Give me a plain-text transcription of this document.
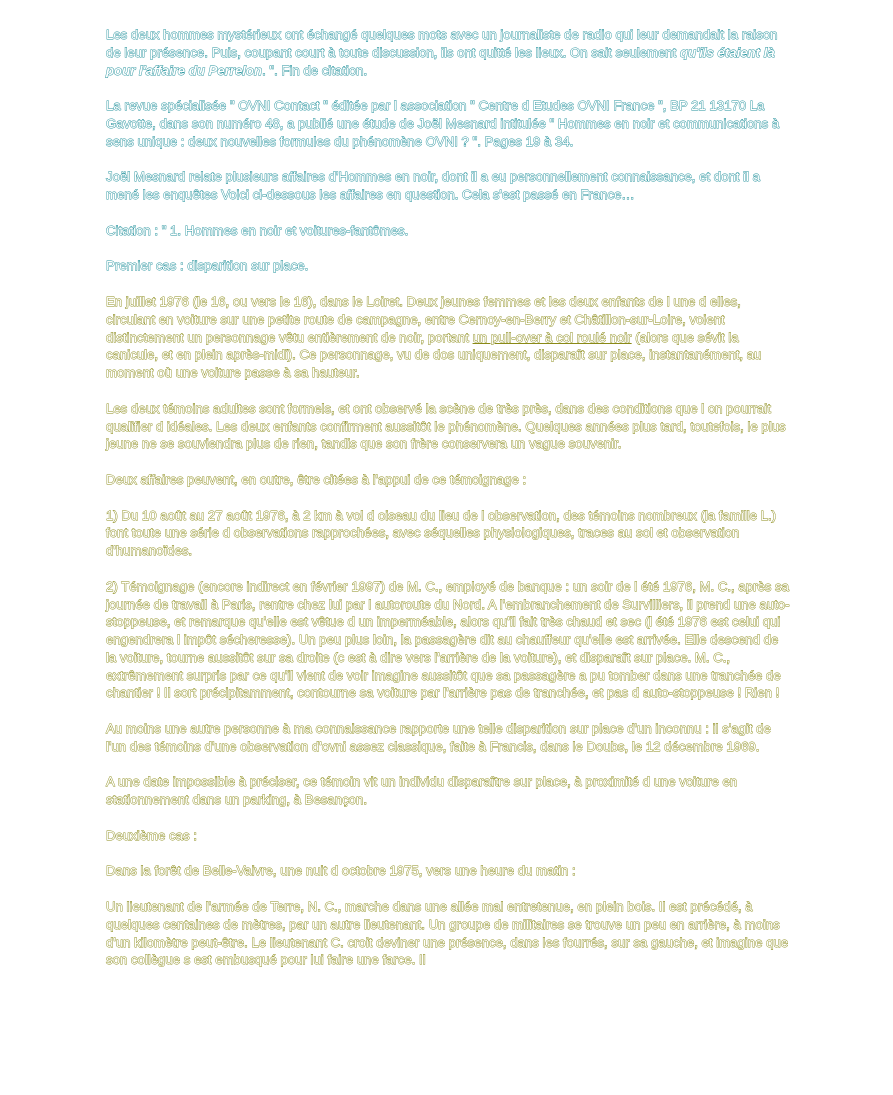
Les deux hommes mystérieux ont échangé quelques mots avec un journaliste de radio qui leur demandait la raison de leur présence. Puis, coupant court à toute discussion, ils ont quitté les lieux. On sait seulement qu'ils étaient là pour l'affaire du Perrelon. ". Fin de citation.

La revue spécialisée " OVNI Contact " éditée par l association " Centre d Etudes OVNI France ", BP 21 13170 La Gavotte, dans son numéro 48, a publié une étude de Joël Mesnard intitulée " Hommes en noir et communications à sens unique : deux nouvelles formules du phénomène OVNI ? ". Pages 19 à 34.

Joël Mesnard relate plusieurs affaires d'Hommes en noir, dont il a eu personnellement connaissance, et dont il a mené les enquêtes Voici ci-dessous les affaires en question. Cela s'est passé en France…

Citation : " 1. Hommes en noir et voitures-fantômes.

Premier cas : disparition sur place.

En juillet 1976 (le 16, ou vers le 16), dans le Loiret. Deux jeunes femmes et les deux enfants de l une d elles, circulant en voiture sur une petite route de campagne, entre Cernoy-en-Berry et Châtillon-sur-Loire, voient distinctement un personnage vêtu entièrement de noir, portant un pull-over à col roulé noir (alors que sévit la canicule, et en plein après-midi). Ce personnage, vu de dos uniquement, disparaît sur place, instantanément, au moment où une voiture passe à sa hauteur.

Les deux témoins adultes sont formels, et ont observé la scène de très près, dans des conditions que l on pourrait qualifier d idéales. Les deux enfants confirment aussitôt le phénomène. Quelques années plus tard, toutefois, le plus jeune ne se souviendra plus de rien, tandis que son frère conservera un vague souvenir.

Deux affaires peuvent, en outre, être citées à l'appui de ce témoignage :

1) Du 10 août au 27 août 1976, à 2 km à vol d oiseau du lieu de l observation, des témoins nombreux (la famille L.) font toute une série d observations rapprochées, avec séquelles physiologiques, traces au sol et observation d'humanoïdes.

2) Témoignage (encore indirect en février 1997) de M. C., employé de banque : un soir de l été 1976, M. C., après sa journée de travail à Paris, rentre chez lui par l autoroute du Nord. A l'embranchement de Survilliers, il prend une auto-stoppeuse, et remarque qu'elle est vêtue d un imperméable, alors qu'il fait très chaud et sec (l été 1976 est celui qui engendrera l impôt sécheresse). Un peu plus loin, la passagère dit au chauffeur qu'elle est arrivée. Elle descend de la voiture, tourne aussitôt sur sa droite (c est à dire vers l'arrière de la voiture), et disparaît sur place. M. C., extrêmement surpris par ce qu'il vient de voir imagine aussitôt que sa passagère a pu tomber dans une tranchée de chantier ! Il sort précipitamment, contourne sa voiture par l'arrière pas de tranchée, et pas d auto-stoppeuse ! Rien !

Au moins une autre personne à ma connaissance rapporte une telle disparition sur place d'un inconnu : il s'agit de l'un des témoins d'une observation d'ovni assez classique, faite à Francis, dans le Doubs, le 12 décembre 1969.

A une date impossible à préciser, ce témoin vit un individu disparaître sur place, à proximité d une voiture en stationnement dans un parking, à Besançon.

Deuxième cas :

Dans la forêt de Belle-Vaivre, une nuit d octobre 1975, vers une heure du matin :

Un lieutenant de l'armée de Terre, N. C., marche dans une allée mal entretenue, en plein bois. Il est précédé, à quelques centaines de mètres, par un autre lieutenant. Un groupe de militaires se trouve un peu en arrière, à moins d'un kilomètre peut-être. Le lieutenant C. croit deviner une présence, dans les fourrés, sur sa gauche, et imagine que son collègue s est embusqué pour lui faire une farce. Il
